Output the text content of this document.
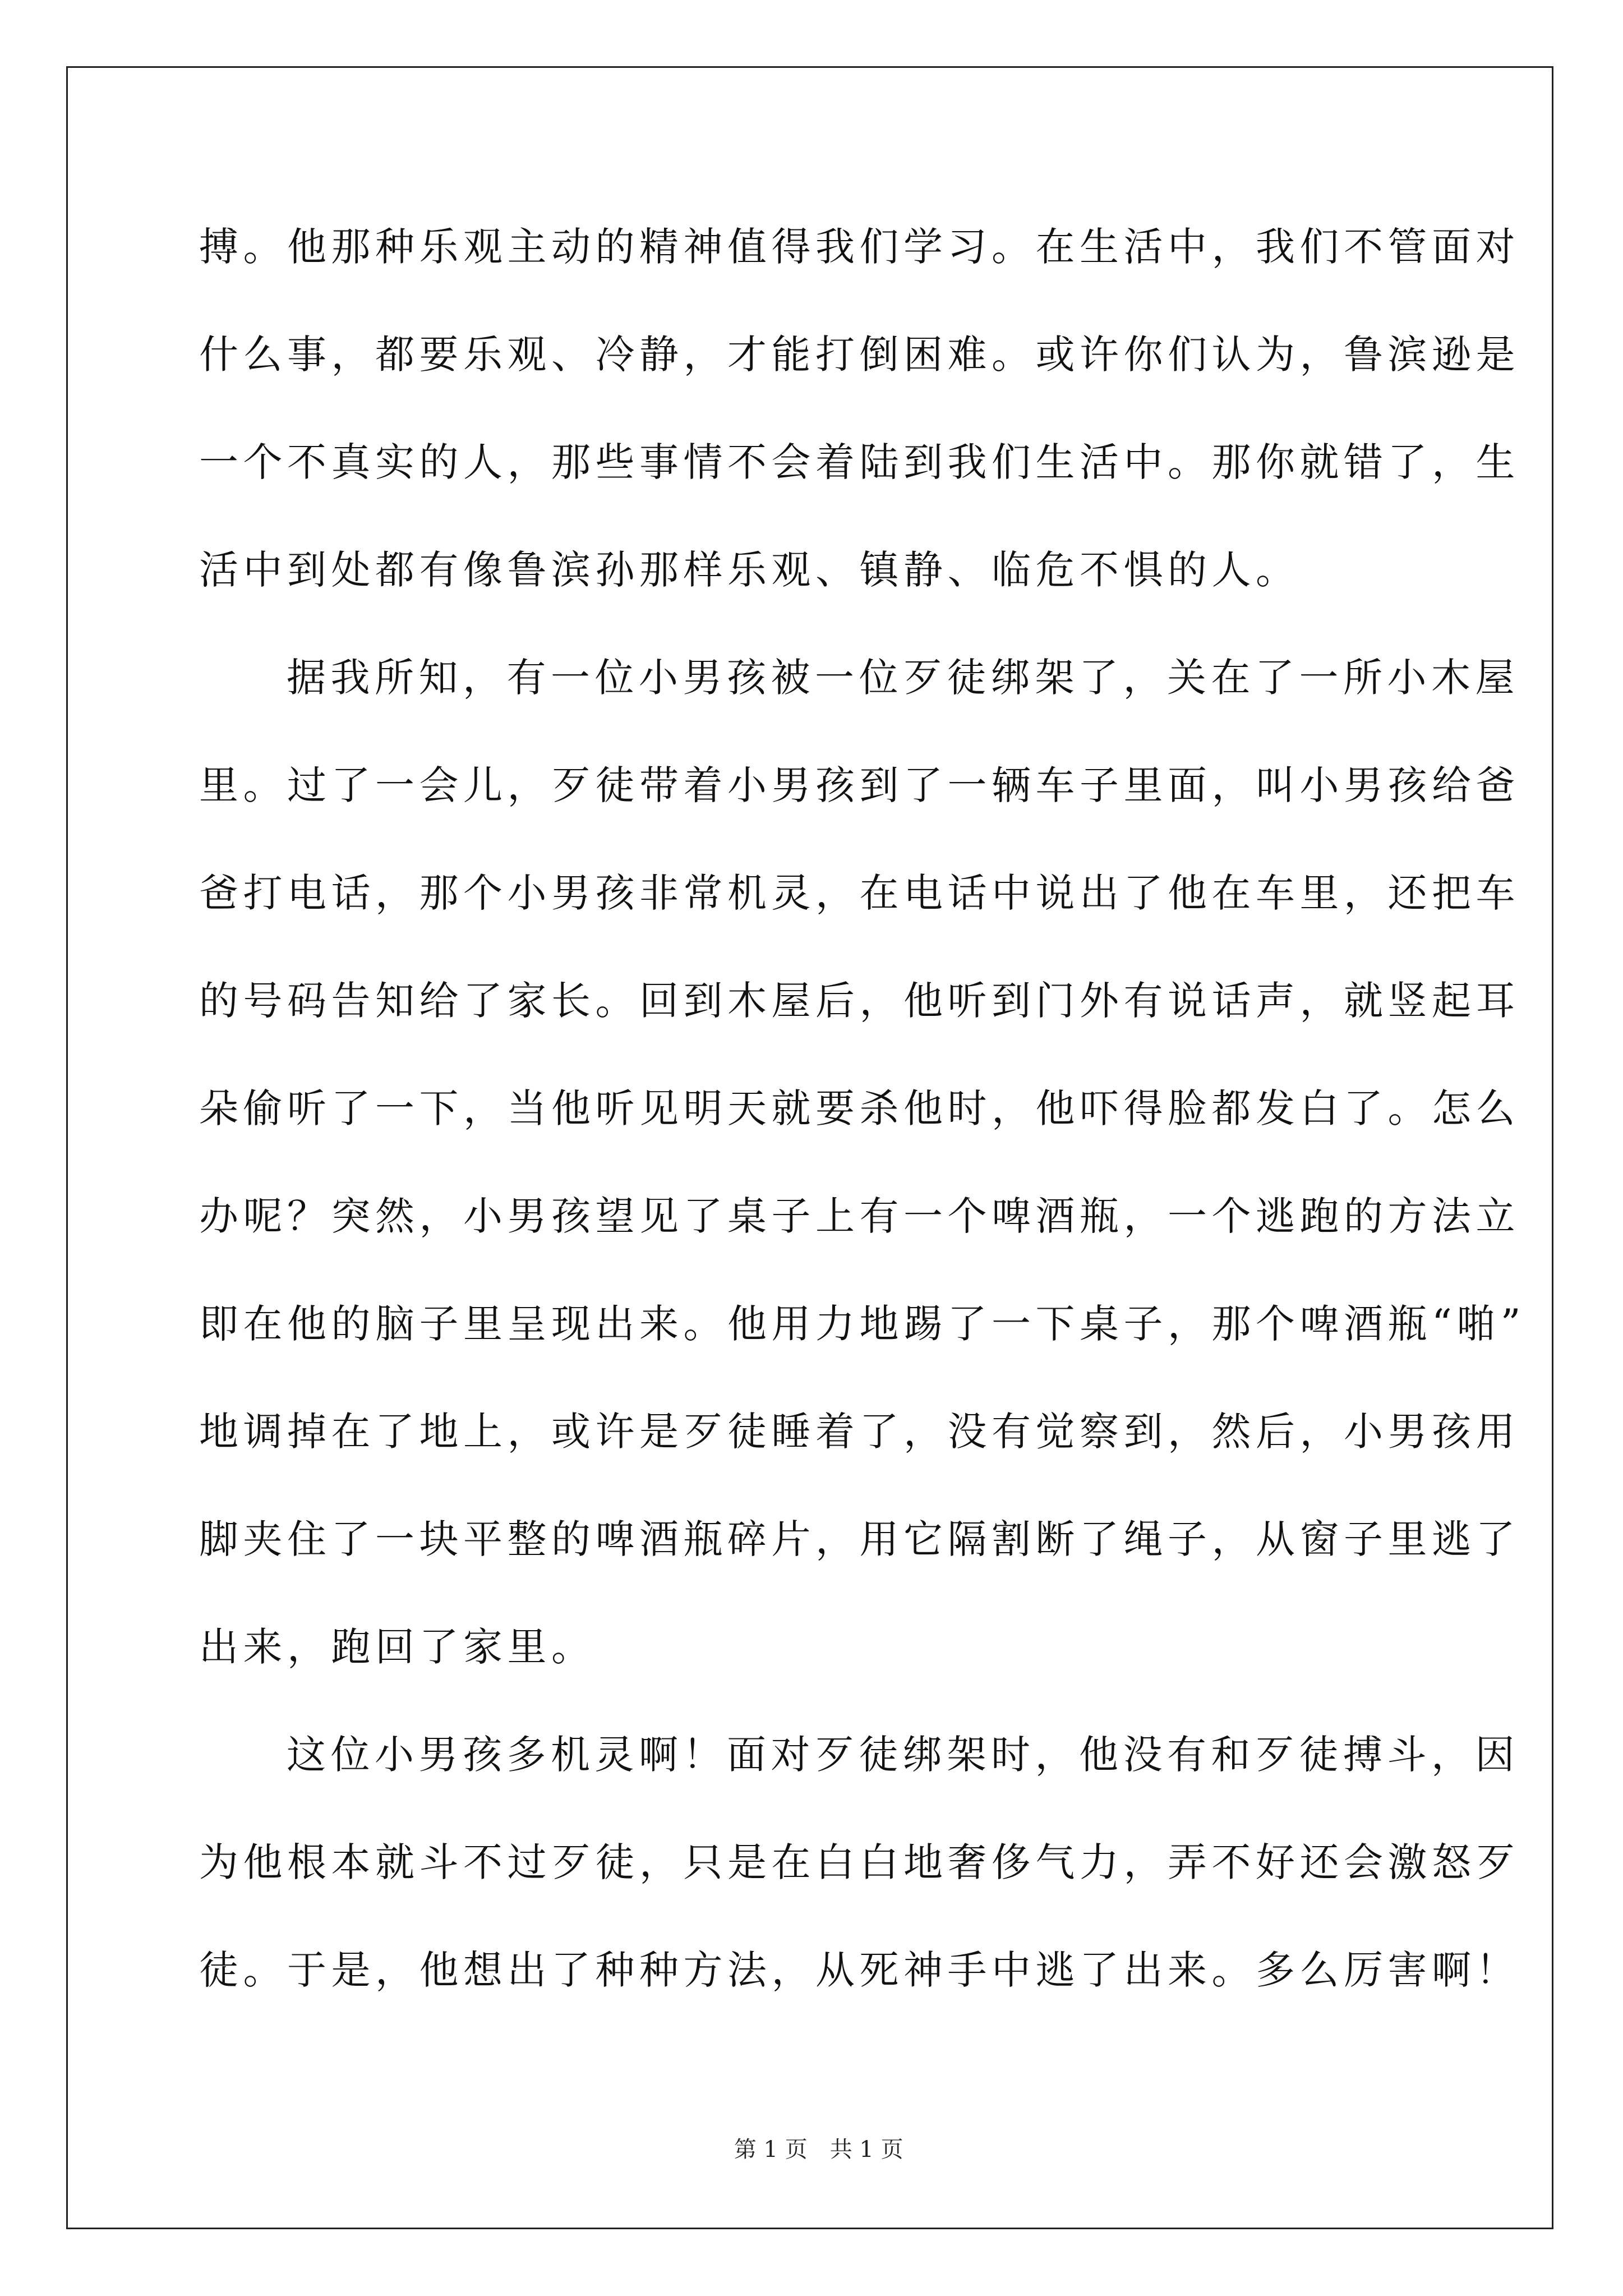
搏。他那种乐观主动的精神值得我们学习。在生活中，我们不管面对
什么事，都要乐观、冷静，才能打倒困难。或许你们认为，鲁滨逊是
一个不真实的人，那些事情不会着陆到我们生活中。那你就错了，生
活中到处都有像鲁滨孙那样乐观、镇静、临危不惧的人。
据我所知，有一位小男孩被一位歹徒绑架了，关在了一所小木屋
里。过了一会儿，歹徒带着小男孩到了一辆车子里面，叫小男孩给爸
爸打电话，那个小男孩非常机灵，在电话中说出了他在车里，还把车
的号码告知给了家长。回到木屋后，他听到门外有说话声，就竖起耳
朵偷听了一下，当他听见明天就要杀他时，他吓得脸都发白了。怎么
办呢？突然，小男孩望见了桌子上有一个啤酒瓶，一个逃跑的方法立
即在他的脑子里呈现出来。他用力地踢了一下桌子，那个啤酒瓶“啪”
地调掉在了地上，或许是歹徒睡着了，没有觉察到，然后，小男孩用
脚夹住了一块平整的啤酒瓶碎片，用它隔割断了绳子，从窗子里逃了
出来，跑回了家里。
这位小男孩多机灵啊！面对歹徒绑架时，他没有和歹徒搏斗，因
为他根本就斗不过歹徒，只是在白白地奢侈气力，弄不好还会激怒歹
徒。于是，他想出了种种方法，从死神手中逃了出来。多么厉害啊！

第 1 页　共 1 页
